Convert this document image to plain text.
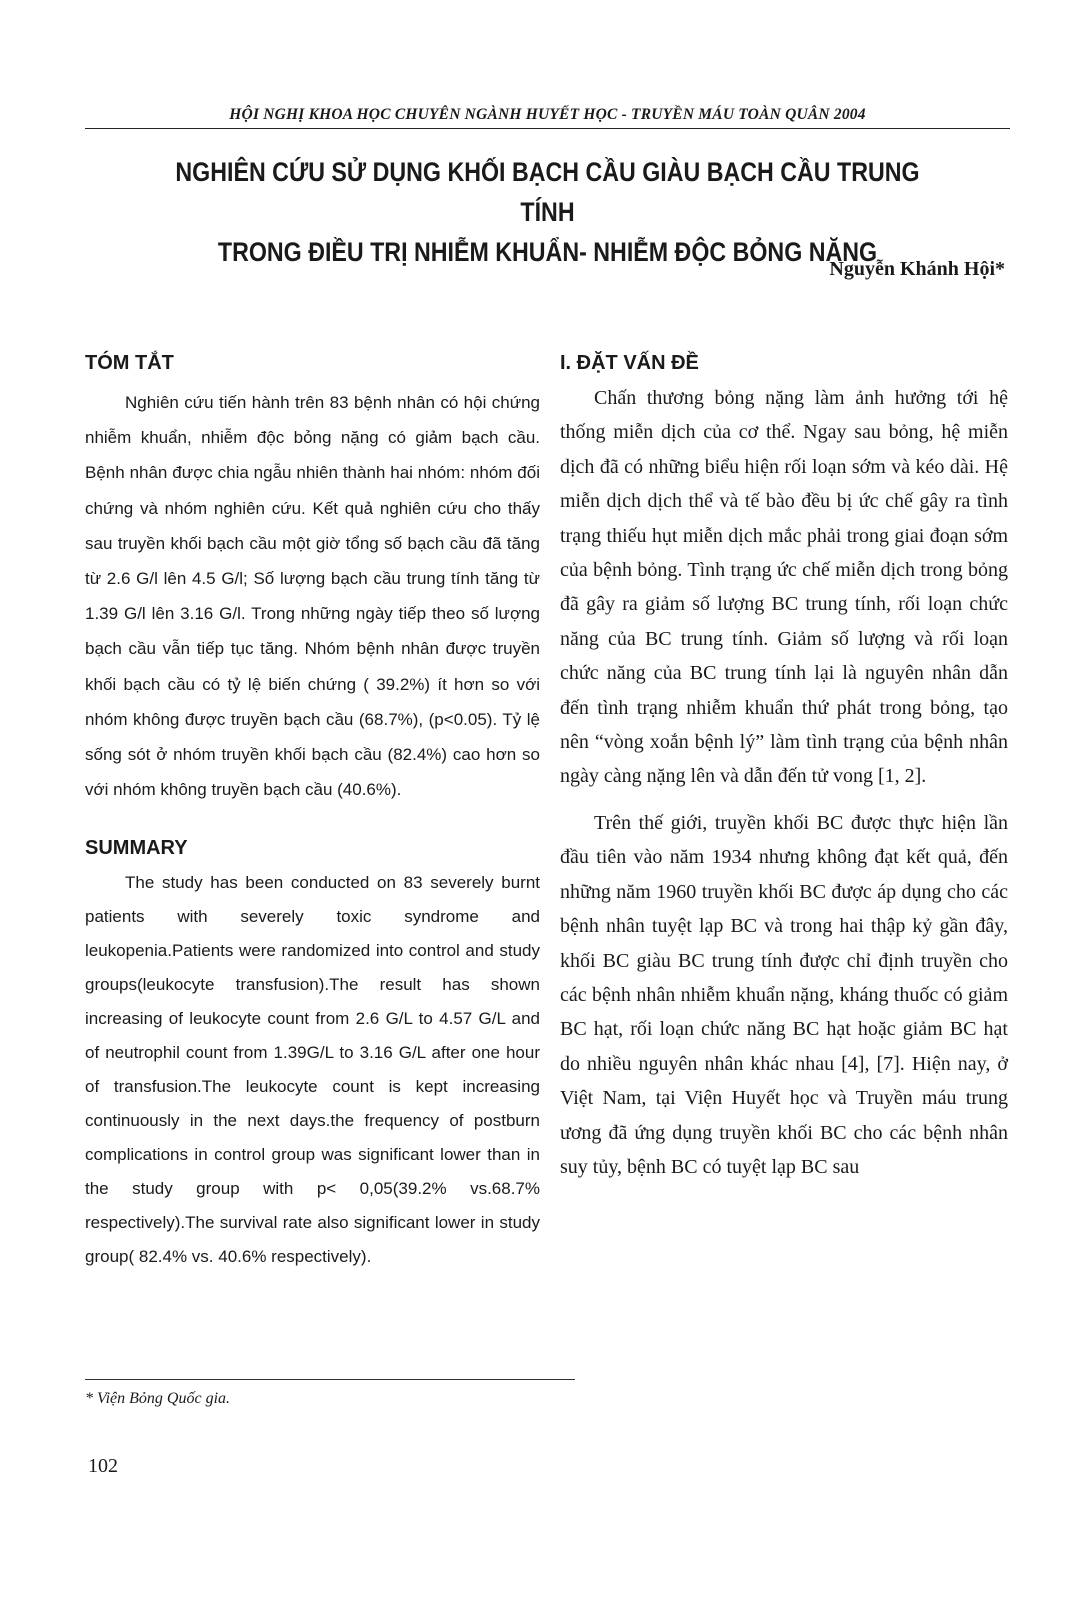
HỘI NGHỊ KHOA HỌC CHUYÊN NGÀNH HUYẾT HỌC - TRUYỀN MÁU TOÀN QUÂN 2004
NGHIÊN CỨU SỬ DỤNG KHỐI BẠCH CẦU GIÀU BẠCH CẦU TRUNG TÍNH
TRONG ĐIỀU TRỊ NHIỄM KHUẨN- NHIỄM ĐỘC BỎNG NẶNG
Nguyễn Khánh Hội*
TÓM TẮT

Nghiên cứu tiến hành trên 83 bệnh nhân có hội chứng nhiễm khuẩn, nhiễm độc bỏng nặng có giảm bạch cầu. Bệnh nhân được chia ngẫu nhiên thành hai nhóm: nhóm đối chứng và nhóm nghiên cứu. Kết quả nghiên cứu cho thấy sau truyền khối bạch cầu một giờ tổng số bạch cầu đã tăng từ 2.6 G/l lên 4.5 G/l; Số lượng bạch cầu trung tính tăng từ 1.39 G/l lên 3.16 G/l. Trong những ngày tiếp theo số lượng bạch cầu vẫn tiếp tục tăng. Nhóm bệnh nhân được truyền khối bạch cầu có tỷ lệ biến chứng ( 39.2%) ít hơn so với nhóm không được truyền bạch cầu (68.7%), (p<0.05). Tỷ lệ sống sót ở nhóm truyền khối bạch cầu (82.4%) cao hơn so với nhóm không truyền bạch cầu (40.6%).

SUMMARY

The study has been conducted on 83 severely burnt patients with severely toxic syndrome and leukopenia.Patients were randomized into control and study groups(leukocyte transfusion).The result has shown increasing of leukocyte count from 2.6 G/L to 4.57 G/L and of neutrophil count from 1.39G/L to 3.16 G/L after one hour of transfusion.The leukocyte count is kept increasing continuously in the next days.the frequency of postburn complications in control group was significant lower than in the study group with p< 0,05(39.2% vs.68.7% respectively).The survival rate also significant lower in study group( 82.4% vs. 40.6% respectively).

I. ĐẶT VẤN ĐỀ

Chấn thương bỏng nặng làm ảnh hưởng tới hệ thống miễn dịch của cơ thể. Ngay sau bỏng, hệ miễn dịch đã có những biểu hiện rối loạn sớm và kéo dài. Hệ miễn dịch dịch thể và tế bào đều bị ức chế gây ra tình trạng thiếu hụt miễn dịch mắc phải trong giai đoạn sớm của bệnh bỏng. Tình trạng ức chế miễn dịch trong bỏng đã gây ra giảm số lượng BC trung tính, rối loạn chức năng của BC trung tính. Giảm số lượng và rối loạn chức năng của BC trung tính lại là nguyên nhân dẫn đến tình trạng nhiễm khuẩn thứ phát trong bỏng, tạo nên “vòng xoắn bệnh lý” làm tình trạng của bệnh nhân ngày càng nặng lên và dẫn đến tử vong [1, 2].

Trên thế giới, truyền khối BC được thực hiện lần đầu tiên vào năm 1934 nhưng không đạt kết quả, đến những năm 1960 truyền khối BC được áp dụng cho các bệnh nhân tuyệt lạp BC và trong hai thập kỷ gần đây, khối BC giàu BC trung tính được chỉ định truyền cho các bệnh nhân nhiễm khuẩn nặng, kháng thuốc có giảm BC hạt, rối loạn chức năng BC hạt hoặc giảm BC hạt do nhiều nguyên nhân khác nhau [4], [7]. Hiện nay, ở Việt Nam, tại Viện Huyết học và Truyền máu trung ương đã ứng dụng truyền khối BC cho các bệnh nhân suy tủy, bệnh BC có tuyệt lạp BC sau

* Viện Bỏng Quốc gia.
102
